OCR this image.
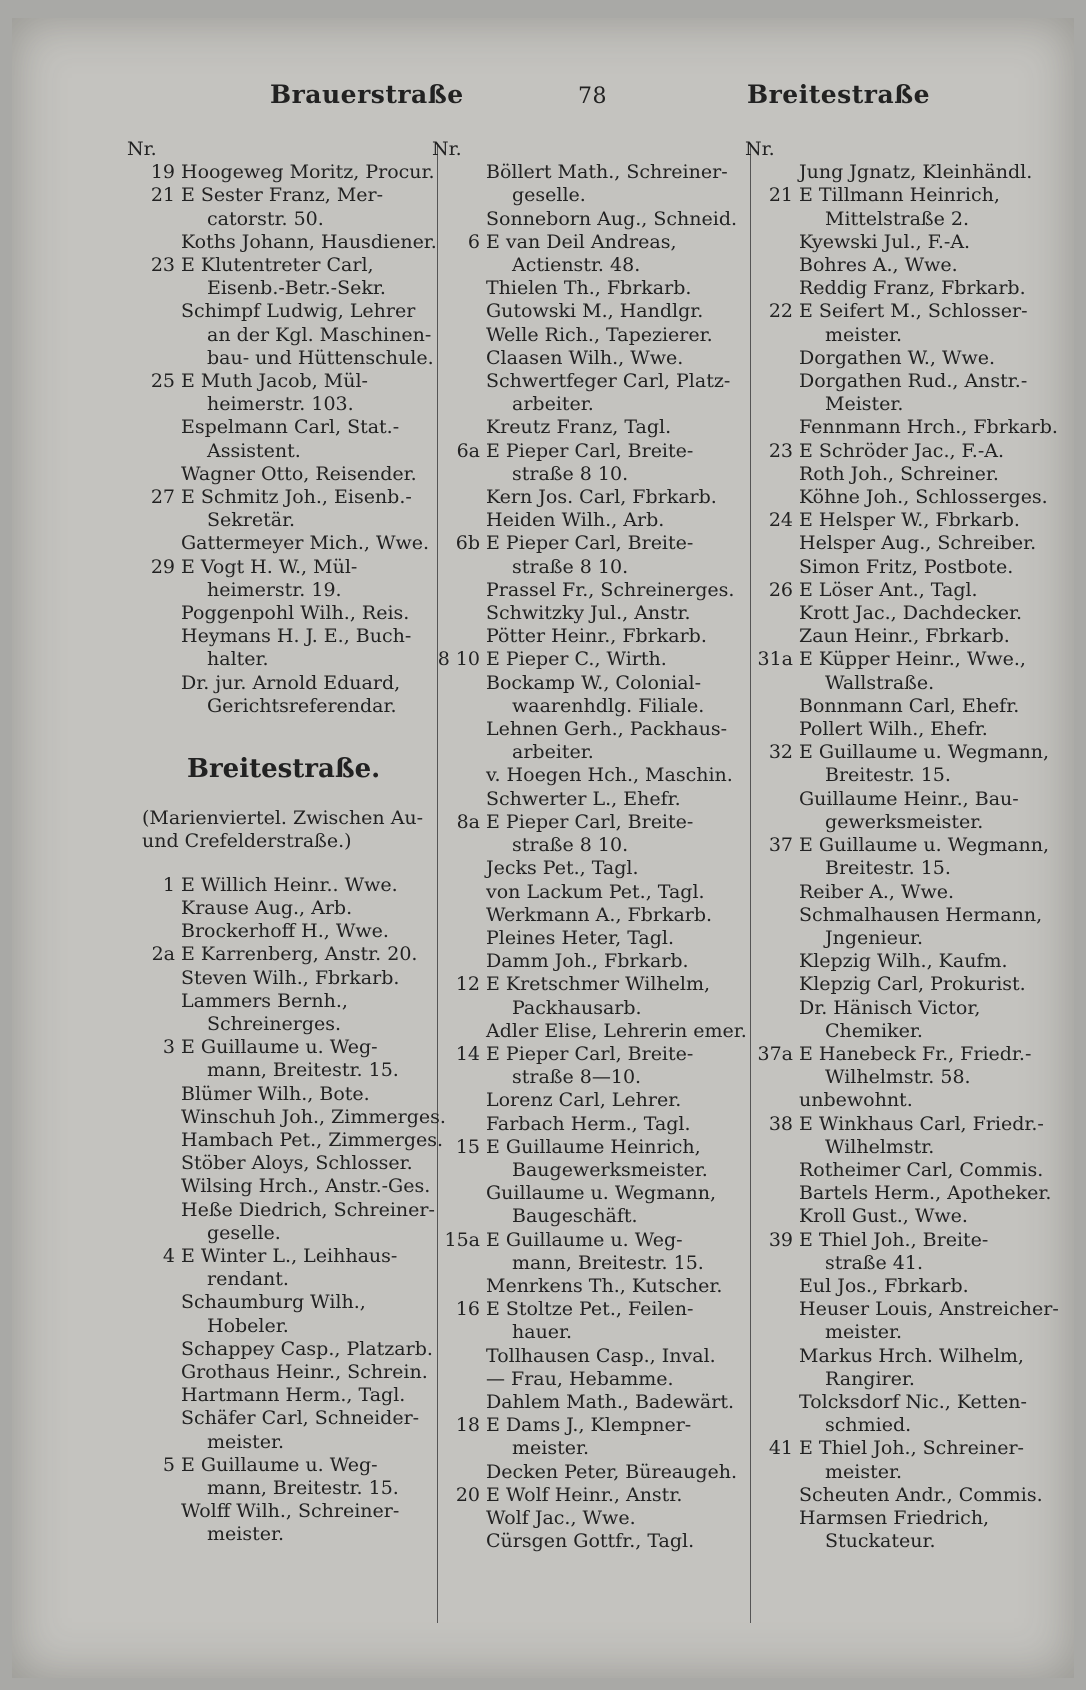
Brauerstraße	78	Breitestraße
Nr.
19 Hoogeweg Moritz, Procur.
21 E Sester Franz, Mer-
catorstr. 50.
Koths Johann, Hausdiener.
23 E Klutentreter Carl,
Eisenb.-Betr.-Sekr.
Schimpf Ludwig, Lehrer
an der Kgl. Maschinen-
bau- und Hüttenschule.
25 E Muth Jacob, Mül-
heimerstr. 103.
Espelmann Carl, Stat.-
Assistent.
Wagner Otto, Reisender.
27 E Schmitz Joh., Eisenb.-
Sekretär.
Gattermeyer Mich., Wwe.
29 E Vogt H. W., Mül-
heimerstr. 19.
Poggenpohl Wilh., Reis.
Heymans H. J. E., Buch-
halter.
Dr. jur. Arnold Eduard,
Gerichtsreferendar.
Breitestraße.
(Marienviertel. Zwischen Au-
und Crefelderstraße.)
1 E Willich Heinr.. Wwe.
Krause Aug., Arb.
Brockerhoff H., Wwe.
2a E Karrenberg, Anstr. 20.
Steven Wilh., Fbrkarb.
Lammers Bernh.,
Schreinerges.
3 E Guillaume u. Weg-
mann, Breitestr. 15.
Blümer Wilh., Bote.
Winschuh Joh., Zimmerges.
Hambach Pet., Zimmerges.
Stöber Aloys, Schlosser.
Wilsing Hrch., Anstr.-Ges.
Heße Diedrich, Schreiner-
geselle.
4 E Winter L., Leihhaus-
rendant.
Schaumburg Wilh.,
Hobeler.
Schappey Casp., Platzarb.
Grothaus Heinr., Schrein.
Hartmann Herm., Tagl.
Schäfer Carl, Schneider-
meister.
5 E Guillaume u. Weg-
mann, Breitestr. 15.
Wolff Wilh., Schreiner-
meister.
Nr.
Böllert Math., Schreiner-
geselle.
Sonneborn Aug., Schneid.
6 E van Deil Andreas,
Actienstr. 48.
Thielen Th., Fbrkarb.
Gutowski M., Handlgr.
Welle Rich., Tapezierer.
Claasen Wilh., Wwe.
Schwertfeger Carl, Platz-
arbeiter.
Kreutz Franz, Tagl.
6a E Pieper Carl, Breite-
straße 8 10.
Kern Jos. Carl, Fbrkarb.
Heiden Wilh., Arb.
6b E Pieper Carl, Breite-
straße 8 10.
Prassel Fr., Schreinerges.
Schwitzky Jul., Anstr.
Pötter Heinr., Fbrkarb.
8 10 E Pieper C., Wirth.
Bockamp W., Colonial-
waarenhdlg. Filiale.
Lehnen Gerh., Packhaus-
arbeiter.
v. Hoegen Hch., Maschin.
Schwerter L., Ehefr.
8a E Pieper Carl, Breite-
straße 8 10.
Jecks Pet., Tagl.
von Lackum Pet., Tagl.
Werkmann A., Fbrkarb.
Pleines Heter, Tagl.
Damm Joh., Fbrkarb.
12 E Kretschmer Wilhelm,
Packhausarb.
Adler Elise, Lehrerin emer.
14 E Pieper Carl, Breite-
straße 8—10.
Lorenz Carl, Lehrer.
Farbach Herm., Tagl.
15 E Guillaume Heinrich,
Baugewerksmeister.
Guillaume u. Wegmann,
Baugeschäft.
15a E Guillaume u. Weg-
mann, Breitestr. 15.
Menrkens Th., Kutscher.
16 E Stoltze Pet., Feilen-
hauer.
Tollhausen Casp., Inval.
— Frau, Hebamme.
Dahlem Math., Badewärt.
18 E Dams J., Klempner-
meister.
Decken Peter, Büreaugeh.
20 E Wolf Heinr., Anstr.
Wolf Jac., Wwe.
Cürsgen Gottfr., Tagl.
Nr.
Jung Jgnatz, Kleinhändl.
21 E Tillmann Heinrich,
Mittelstraße 2.
Kyewski Jul., F.-A.
Bohres A., Wwe.
Reddig Franz, Fbrkarb.
22 E Seifert M., Schlosser-
meister.
Dorgathen W., Wwe.
Dorgathen Rud., Anstr.-
Meister.
Fennmann Hrch., Fbrkarb.
23 E Schröder Jac., F.-A.
Roth Joh., Schreiner.
Köhne Joh., Schlosserges.
24 E Helsper W., Fbrkarb.
Helsper Aug., Schreiber.
Simon Fritz, Postbote.
26 E Löser Ant., Tagl.
Krott Jac., Dachdecker.
Zaun Heinr., Fbrkarb.
31a E Küpper Heinr., Wwe.,
Wallstraße.
Bonnmann Carl, Ehefr.
Pollert Wilh., Ehefr.
32 E Guillaume u. Wegmann,
Breitestr. 15.
Guillaume Heinr., Bau-
gewerksmeister.
37 E Guillaume u. Wegmann,
Breitestr. 15.
Reiber A., Wwe.
Schmalhausen Hermann,
Jngenieur.
Klepzig Wilh., Kaufm.
Klepzig Carl, Prokurist.
Dr. Hänisch Victor,
Chemiker.
37a E Hanebeck Fr., Friedr.-
Wilhelmstr. 58.
unbewohnt.
38 E Winkhaus Carl, Friedr.-
Wilhelmstr.
Rotheimer Carl, Commis.
Bartels Herm., Apotheker.
Kroll Gust., Wwe.
39 E Thiel Joh., Breite-
straße 41.
Eul Jos., Fbrkarb.
Heuser Louis, Anstreicher-
meister.
Markus Hrch. Wilhelm,
Rangirer.
Tolcksdorf Nic., Ketten-
schmied.
41 E Thiel Joh., Schreiner-
meister.
Scheuten Andr., Commis.
Harmsen Friedrich,
Stuckateur.
